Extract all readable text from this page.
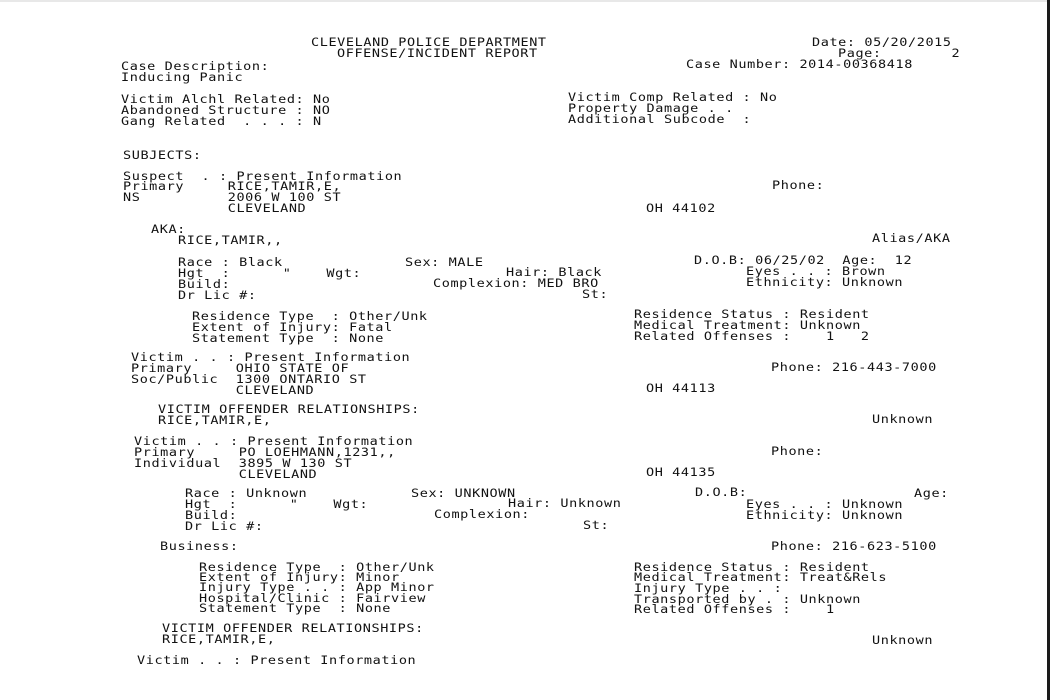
CLEVELAND POLICE DEPARTMENT
OFFENSE/INCIDENT REPORT
Date: 05/20/2015
Page:        2
Case Number: 2014-00368418
Case Description:
Inducing Panic
Victim Alchl Related: No
Abandoned Structure : NO
Gang Related  . . . : N
Victim Comp Related : No
Property Damage . .
Additional Subcode  :
SUBJECTS:
Suspect  . : Present Information
Primary     RICE,TAMIR,E,
NS          2006 W 100 ST
CLEVELAND	OH 44102
Phone:
AKA:
RICE,TAMIR,,	Alias/AKA
Race : Black	Sex: MALE	D.O.B: 06/25/02  Age:  12
Hgt  :      "    Wgt:	Hair: Black	Eyes . . : Brown
Build:	Complexion: MED BRO	Ethnicity: Unknown
Dr Lic #:	St:
Residence Type  : Other/Unk
Extent of Injury: Fatal
Statement Type  : None
Residence Status : Resident
Medical Treatment: Unknown
Related Offenses :    1   2
Victim . . : Present Information
Primary     OHIO STATE OF
Soc/Public  1300 ONTARIO ST
CLEVELAND	OH 44113
Phone: 216-443-7000
VICTIM OFFENDER RELATIONSHIPS:
RICE,TAMIR,E,	Unknown
Victim . . : Present Information
Primary     PO LOEHMANN,1231,,
Individual  3895 W 130 ST
CLEVELAND	OH 44135
Phone:
Race : Unknown	Sex: UNKNOWN	D.O.B:	Age:
Hgt  :      "    Wgt:	Hair: Unknown	Eyes . . : Unknown
Build:	Complexion:	Ethnicity: Unknown
Dr Lic #:	St:
Business:	Phone: 216-623-5100
Residence Type  : Other/Unk
Extent of Injury: Minor
Injury Type . . : App Minor
Hospital/Clinic : Fairview
Statement Type  : None
Residence Status : Resident
Medical Treatment: Treat&Rels
Injury Type . . :
Transported by . : Unknown
Related Offenses :    1
VICTIM OFFENDER RELATIONSHIPS:
RICE,TAMIR,E,	Unknown
Victim . . : Present Information
